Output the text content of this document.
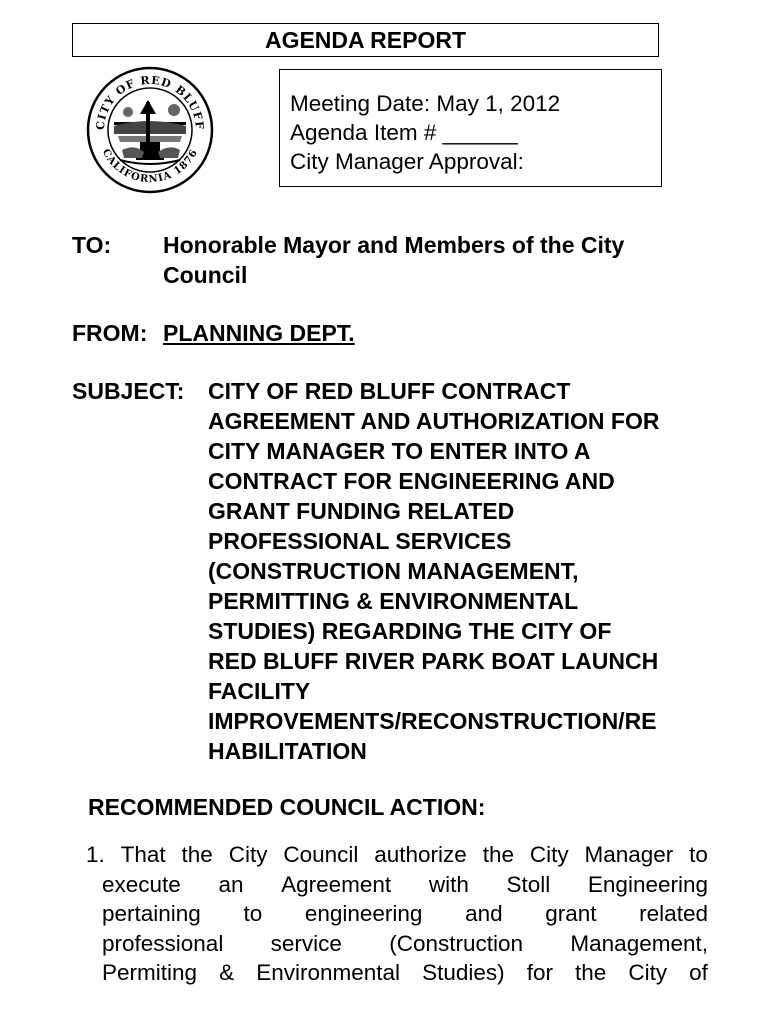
AGENDA REPORT
CITY OF RED BLUFF
CALIFORNIA 1876
Meeting Date: May 1, 2012
Agenda Item # ______
City Manager Approval:
TO: Honorable Mayor and Members of the City
Council
FROM: PLANNING DEPT.
SUBJECT: CITY OF RED BLUFF CONTRACT
AGREEMENT AND AUTHORIZATION FOR
CITY MANAGER TO ENTER INTO A
CONTRACT FOR ENGINEERING AND
GRANT FUNDING RELATED
PROFESSIONAL SERVICES
(CONSTRUCTION MANAGEMENT,
PERMITTING & ENVIRONMENTAL
STUDIES) REGARDING THE CITY OF
RED BLUFF RIVER PARK BOAT LAUNCH
FACILITY
IMPROVEMENTS/RECONSTRUCTION/RE
HABILITATION
RECOMMENDED COUNCIL ACTION:
1. That the City Council authorize the City Manager to
execute an Agreement with Stoll Engineering
pertaining to engineering and grant related
professional service (Construction Management,
Permiting & Environmental Studies) for the City of
